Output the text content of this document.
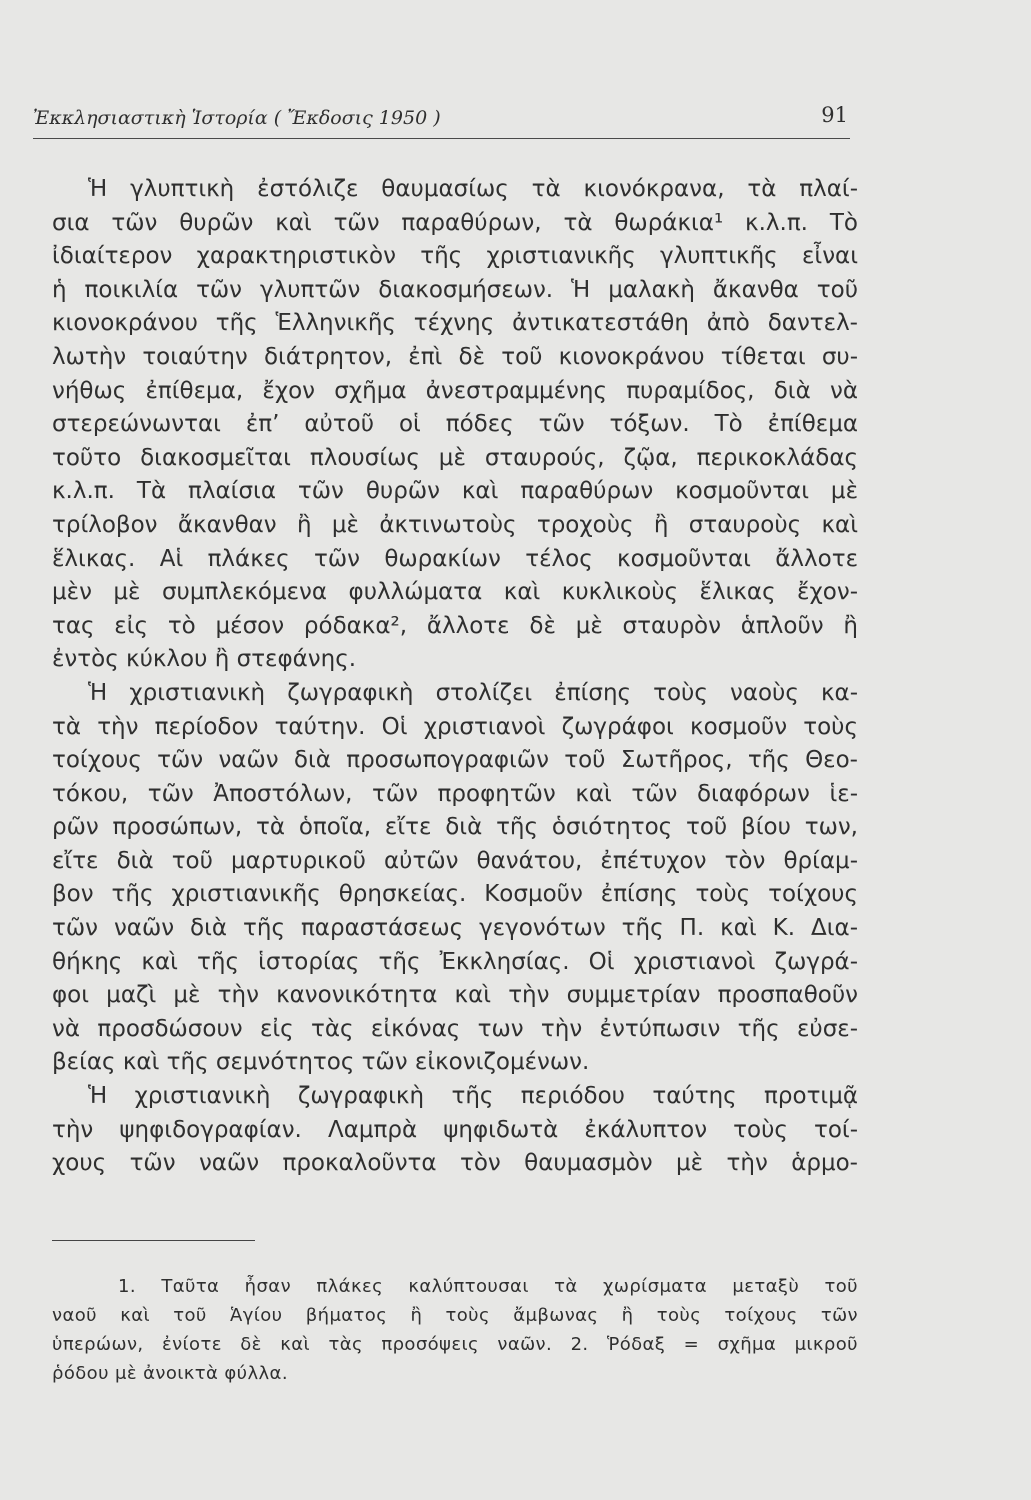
Ἐκκλησιαστικὴ Ἱστορία ( Ἔκδοσις 1950 )	91
Ἡ γλυπτικὴ ἐστόλιζε θαυμασίως τὰ κιονόκρανα, τὰ πλαί-
σια τῶν θυρῶν καὶ τῶν παραθύρων, τὰ θωράκια¹ κ.λ.π. Τὸ
ἰδιαίτερον χαρακτηριστικὸν τῆς χριστιανικῆς γλυπτικῆς εἶναι
ἡ ποικιλία τῶν γλυπτῶν διακοσμήσεων. Ἡ μαλακὴ ἄκανθα τοῦ
κιονοκράνου τῆς Ἑλληνικῆς τέχνης ἀντικατεστάθη ἀπὸ δαντελ-
λωτὴν τοιαύτην διάτρητον, ἐπὶ δὲ τοῦ κιονοκράνου τίθεται συ-
νήθως ἐπίθεμα, ἔχον σχῆμα ἀνεστραμμένης πυραμίδος, διὰ νὰ
στερεώνωνται ἐπ’ αὐτοῦ οἱ πόδες τῶν τόξων. Τὸ ἐπίθεμα
τοῦτο διακοσμεῖται πλουσίως μὲ σταυρούς, ζῷα, περικοκλάδας
κ.λ.π. Τὰ πλαίσια τῶν θυρῶν καὶ παραθύρων κοσμοῦνται μὲ
τρίλοβον ἄκανθαν ἢ μὲ ἀκτινωτοὺς τροχοὺς ἢ σταυροὺς καὶ
ἕλικας. Αἱ πλάκες τῶν θωρακίων τέλος κοσμοῦνται ἄλλοτε
μὲν μὲ συμπλεκόμενα φυλλώματα καὶ κυκλικοὺς ἕλικας ἔχον-
τας εἰς τὸ μέσον ρόδακα², ἄλλοτε δὲ μὲ σταυρὸν ἁπλοῦν ἢ
ἐντὸς κύκλου ἢ στεφάνης.
Ἡ χριστιανικὴ ζωγραφικὴ στολίζει ἐπίσης τοὺς ναοὺς κα-
τὰ τὴν περίοδον ταύτην. Οἱ χριστιανοὶ ζωγράφοι κοσμοῦν τοὺς
τοίχους τῶν ναῶν διὰ προσωπογραφιῶν τοῦ Σωτῆρος, τῆς Θεο-
τόκου, τῶν Ἀποστόλων, τῶν προφητῶν καὶ τῶν διαφόρων ἱε-
ρῶν προσώπων, τὰ ὁποῖα, εἴτε διὰ τῆς ὁσιότητος τοῦ βίου των,
εἴτε διὰ τοῦ μαρτυρικοῦ αὐτῶν θανάτου, ἐπέτυχον τὸν θρίαμ-
βον τῆς χριστιανικῆς θρησκείας. Κοσμοῦν ἐπίσης τοὺς τοίχους
τῶν ναῶν διὰ τῆς παραστάσεως γεγονότων τῆς Π. καὶ Κ. Δια-
θήκης καὶ τῆς ἱστορίας τῆς Ἐκκλησίας. Οἱ χριστιανοὶ ζωγρά-
φοι μαζὶ μὲ τὴν κανονικότητα καὶ τὴν συμμετρίαν προσπαθοῦν
νὰ προσδώσουν εἰς τὰς εἰκόνας των τὴν ἐντύπωσιν τῆς εὐσε-
βείας καὶ τῆς σεμνότητος τῶν εἰκονιζομένων.
Ἡ χριστιανικὴ ζωγραφικὴ τῆς περιόδου ταύτης προτιμᾷ
τὴν ψηφιδογραφίαν. Λαμπρὰ ψηφιδωτὰ ἐκάλυπτον τοὺς τοί-
χους τῶν ναῶν προκαλοῦντα τὸν θαυμασμὸν μὲ τὴν ἁρμο-
1. Ταῦτα ἦσαν πλάκες καλύπτουσαι τὰ χωρίσματα μεταξὺ τοῦ
ναοῦ καὶ τοῦ Ἁγίου βήματος ἢ τοὺς ἄμβωνας ἢ τοὺς τοίχους τῶν
ὑπερώων, ἐνίοτε δὲ καὶ τὰς προσόψεις ναῶν. 2. Ῥόδαξ = σχῆμα μικροῦ
ῥόδου μὲ ἀνοικτὰ φύλλα.
